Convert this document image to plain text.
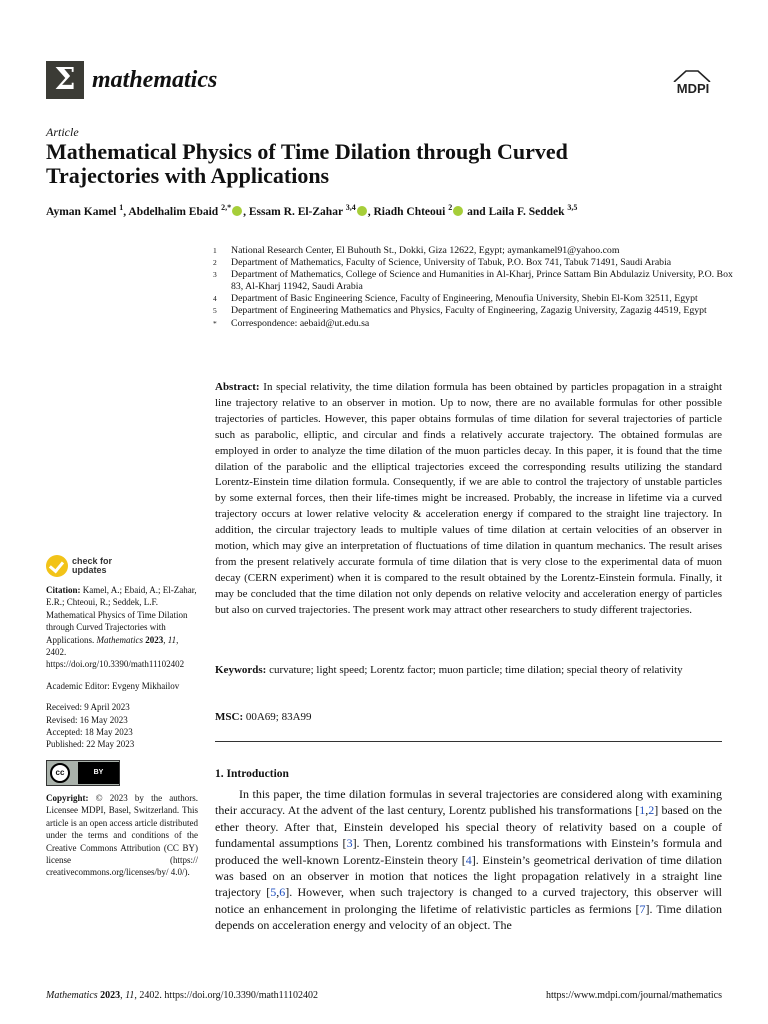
Σ mathematics	MDPI
Article
Mathematical Physics of Time Dilation through Curved Trajectories with Applications
Ayman Kamel $^1$, Abdelhalim Ebaid $^{2,*}$ , Essam R. El-Zahar $^{3,4}$ , Riadh Chteoui $^2$ and Laila F. Seddek $^{3,5}$
1	National Research Center, El Buhouth St., Dokki, Giza 12622, Egypt; aymankamel91@yahoo.com
2	Department of Mathematics, Faculty of Science, University of Tabuk, P.O. Box 741, Tabuk 71491, Saudi Arabia
3	Department of Mathematics, College of Science and Humanities in Al-Kharj, Prince Sattam Bin Abdulaziz University, P.O. Box 83, Al-Kharj 11942, Saudi Arabia
4	Department of Basic Engineering Science, Faculty of Engineering, Menoufia University, Shebin El-Kom 32511, Egypt
5	Department of Engineering Mathematics and Physics, Faculty of Engineering, Zagazig University, Zagazig 44519, Egypt
*	Correspondence: aebaid@ut.edu.sa
check for
updates
Citation: Kamel, A.; Ebaid, A.; El-Zahar, E.R.; Chteoui, R.; Seddek, L.F. Mathematical Physics of Time Dilation through Curved Trajectories with Applications. Mathematics 2023, 11, 2402. https://doi.org/10.3390/math11102402
Academic Editor: Evgeny Mikhailov
Received: 9 April 2023
Revised: 16 May 2023
Accepted: 18 May 2023
Published: 22 May 2023
cc	BY
Copyright: © 2023 by the authors. Licensee MDPI, Basel, Switzerland. This article is an open access article distributed under the terms and conditions of the Creative Commons Attribution (CC BY) license (https:// creativecommons.org/licenses/by/ 4.0/).
Abstract: In special relativity, the time dilation formula has been obtained by particles propagation in a straight line trajectory relative to an observer in motion. Up to now, there are no available formulas for other possible trajectories of particles. However, this paper obtains formulas of time dilation for several trajectories of particle such as parabolic, elliptic, and circular and finds a relatively accurate trajectory. The obtained formulas are employed in order to analyze the time dilation of the muon particles decay. In this paper, it is found that the time dilation of the parabolic and the elliptical trajectories exceed the corresponding results utilizing the standard Lorentz-Einstein time dilation formula. Consequently, if we are able to control the trajectory of unstable particles by some external forces, then their life-times might be increased. Probably, the increase in lifetime via a curved trajectory occurs at lower relative velocity & acceleration energy if compared to the straight line trajectory. In addition, the circular trajectory leads to multiple values of time dilation at certain velocities of an observer in motion, which may give an interpretation of fluctuations of time dilation in quantum mechanics. The result arises from the present relatively accurate formula of time dilation that is very close to the experimental data of muon decay (CERN experiment) when it is compared to the result obtained by the Lorentz-Einstein formula. Finally, it may be concluded that the time dilation not only depends on relative velocity and acceleration energy of particles but also on curved trajectories. The present work may attract other researchers to study different trajectories.
Keywords: curvature; light speed; Lorentz factor; muon particle; time dilation; special theory of relativity
MSC: 00A69; 83A99
1. Introduction
In this paper, the time dilation formulas in several trajectories are considered along with examining their accuracy. At the advent of the last century, Lorentz published his transformations [1,2] based on the ether theory. After that, Einstein developed his special theory of relativity based on a couple of fundamental assumptions [3]. Then, Lorentz combined his transformations with Einstein’s formula and produced the well-known Lorentz-Einstein theory [4]. Einstein’s geometrical derivation of time dilation was based on an observer in motion that notices the light propagation relatively in a straight line trajectory [5,6]. However, when such trajectory is changed to a curved trajectory, this observer will notice an enhancement in prolonging the lifetime of relativistic particles as fermions [7]. Time dilation depends on acceleration energy and velocity of an object. The
Mathematics 2023, 11, 2402. https://doi.org/10.3390/math11102402	https://www.mdpi.com/journal/mathematics
